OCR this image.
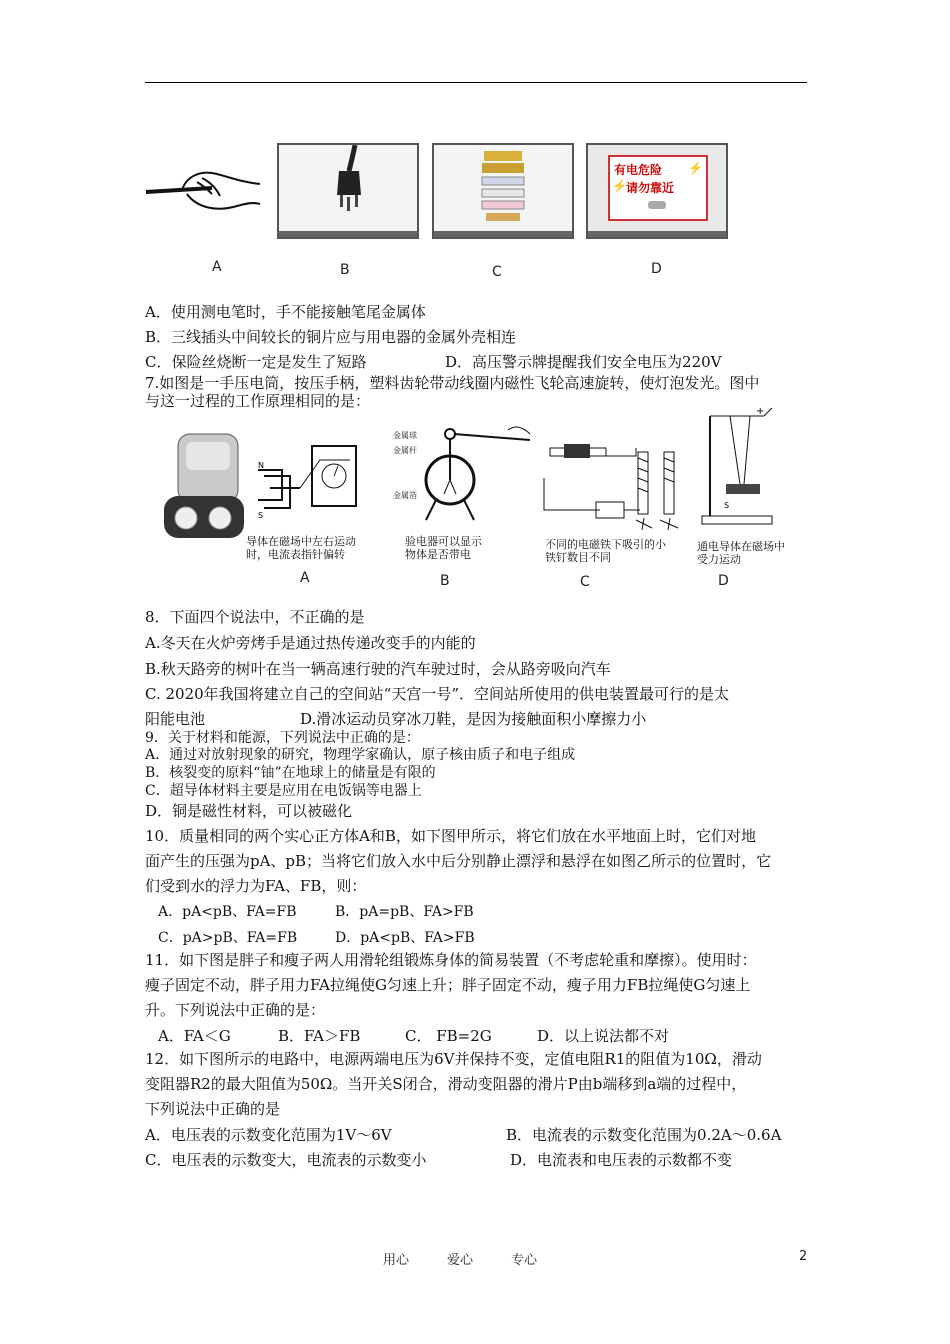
A	B	C
有电危险
请勿靠近
⚡
⚡
D
A．使用测电笔时，手不能接触笔尾金属体
B．三线插头中间较长的铜片应与用电器的金属外壳相连
C．保险丝烧断一定是发生了短路	D．高压警示牌提醒我们安全电压为220V
7.如图是一手压电筒，按压手柄，塑料齿轮带动线圈内磁性飞轮高速旋转，使灯泡发光。图中
与这一过程的工作原理相同的是：
N
S
导体在磁场中左右运动
时，电流表指针偏转
A
金属球
金属杆
金属箔
验电器可以显示
物体是否带电
B
不同的电磁铁下吸引的小
铁钉数目不同
C
+
S
通电导体在磁场中
受力运动
D
8．下面四个说法中，不正确的是
A.冬天在火炉旁烤手是通过热传递改变手的内能的
B.秋天路旁的树叶在当一辆高速行驶的汽车驶过时，会从路旁吸向汽车
C. 2020年我国将建立自己的空间站“天宫一号”．空间站所使用的供电装置最可行的是太
阳能电池	D.滑冰运动员穿冰刀鞋，是因为接触面积小摩擦力小
9．关于材料和能源，下列说法中正确的是：
A．通过对放射现象的研究，物理学家确认，原子核由质子和电子组成
B．核裂变的原料“铀”在地球上的储量是有限的
C．超导体材料主要是应用在电饭锅等电器上
D．铜是磁性材料，可以被磁化
10．质量相同的两个实心正方体A和B，如下图甲所示，将它们放在水平地面上时，它们对地
面产生的压强为pA、pB；当将它们放入水中后分别静止漂浮和悬浮在如图乙所示的位置时，它
们受到水的浮力为FA、FB，则：
A．pA<pB、FA=FB	B．pA=pB、FA>FB
C．pA>pB、FA=FB	D．pA<pB、FA>FB
11．如下图是胖子和瘦子两人用滑轮组锻炼身体的简易装置（不考虑轮重和摩擦）。使用时：
瘦子固定不动，胖子用力FA拉绳使G匀速上升；胖子固定不动，瘦子用力FB拉绳使G匀速上
升。下列说法中正确的是：
A．FA＜G	B．FA＞FB	C． FB=2G	D．以上说法都不对
12．如下图所示的电路中，电源两端电压为6V并保持不变，定值电阻R1的阻值为10Ω，滑动
变阻器R2的最大阻值为50Ω。当开关S闭合，滑动变阻器的滑片P由b端移到a端的过程中，
下列说法中正确的是
A．电压表的示数变化范围为1V～6V	B．电流表的示数变化范围为0.2A～0.6A
C．电压表的示数变大，电流表的示数变小	D．电流表和电压表的示数都不变
用心	爱心	专心	2
